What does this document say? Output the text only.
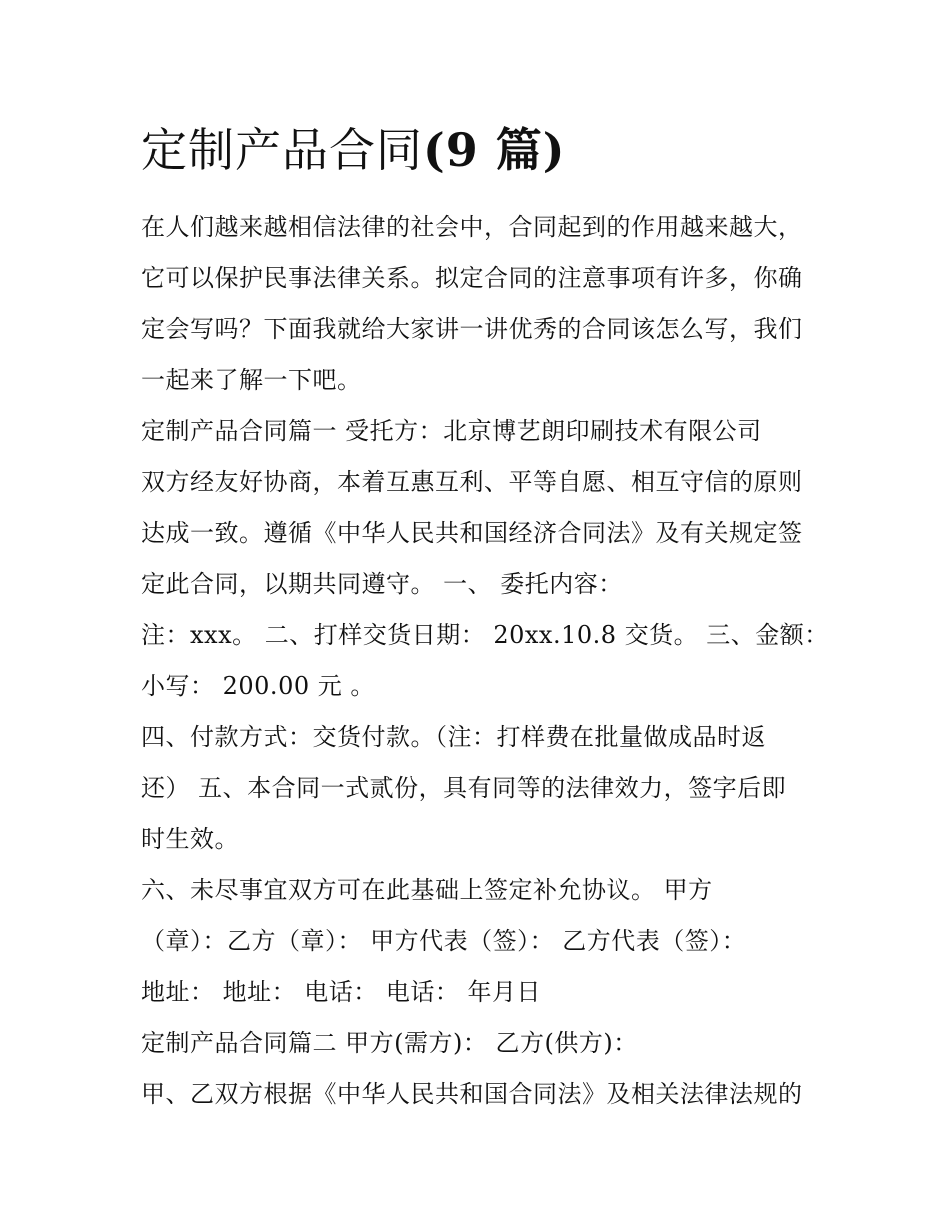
定制产品合同(9 篇)
在人们越来越相信法律的社会中，合同起到的作用越来越大，
它可以保护民事法律关系。拟定合同的注意事项有许多，你确
定会写吗？下面我就给大家讲一讲优秀的合同该怎么写，我们
一起来了解一下吧。
定制产品合同篇一 受托方：北京博艺朗印刷技术有限公司
双方经友好协商，本着互惠互利、平等自愿、相互守信的原则
达成一致。遵循《中华人民共和国经济合同法》及有关规定签
定此合同，以期共同遵守。 一、 委托内容：
注：xxx。 二、打样交货日期： 20xx.10.8 交货。 三、金额：
小写： 200.00 元 。
四、付款方式：交货付款。（注：打样费在批量做成品时返
还） 五、本合同一式贰份，具有同等的法律效力，签字后即
时生效。
六、未尽事宜双方可在此基础上签定补允协议。 甲方
（章）：乙方（章）： 甲方代表（签）： 乙方代表（签）：
地址： 地址： 电话： 电话： 年月日
定制产品合同篇二 甲方(需方)： 乙方(供方)：
甲、乙双方根据《中华人民共和国合同法》及相关法律法规的
